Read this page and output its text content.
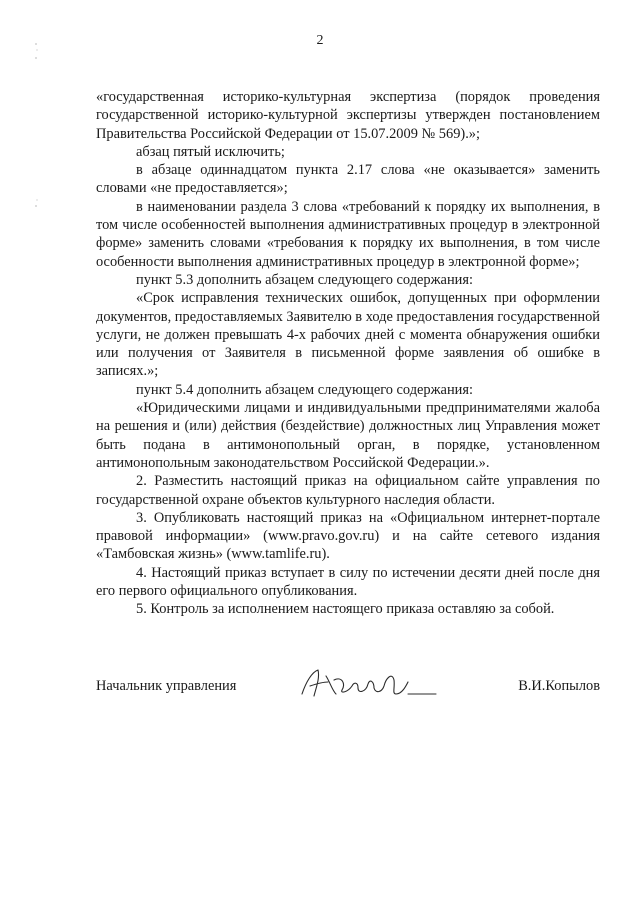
2

«государственная историко-культурная экспертиза (порядок проведения государственной историко-культурной экспертизы утвержден постановлением Правительства Российской Федерации от 15.07.2009 № 569).»;

абзац пятый исключить;

в абзаце одиннадцатом пункта 2.17 слова «не оказывается» заменить словами «не предоставляется»;

в наименовании раздела 3 слова «требований к порядку их выполнения, в том числе особенностей выполнения административных процедур в электронной форме» заменить словами «требования к порядку их выполнения, в том числе особенности выполнения административных процедур в электронной форме»;

пункт 5.3 дополнить абзацем следующего содержания:

«Срок исправления технических ошибок, допущенных при оформлении документов, предоставляемых Заявителю в ходе предоставления государственной услуги, не должен превышать 4-х рабочих дней с момента обнаружения ошибки или получения от Заявителя в письменной форме заявления об ошибке в записях.»;

пункт 5.4 дополнить абзацем следующего содержания:

«Юридическими лицами и индивидуальными предпринимателями жалоба на решения и (или) действия (бездействие) должностных лиц Управления может быть подана в антимонопольный орган, в порядке, установленном антимонопольным законодательством Российской Федерации.».

2. Разместить настоящий приказ на официальном сайте управления по государственной охране объектов культурного наследия области.

3. Опубликовать настоящий приказ на «Официальном интернет-портале правовой информации» (www.pravo.gov.ru) и на сайте сетевого издания «Тамбовская жизнь» (www.tamlife.ru).

4. Настоящий приказ вступает в силу по истечении десяти дней после дня его первого официального опубликования.

5. Контроль за исполнением настоящего приказа оставляю за собой.

Начальник управления	В.И.Копылов
